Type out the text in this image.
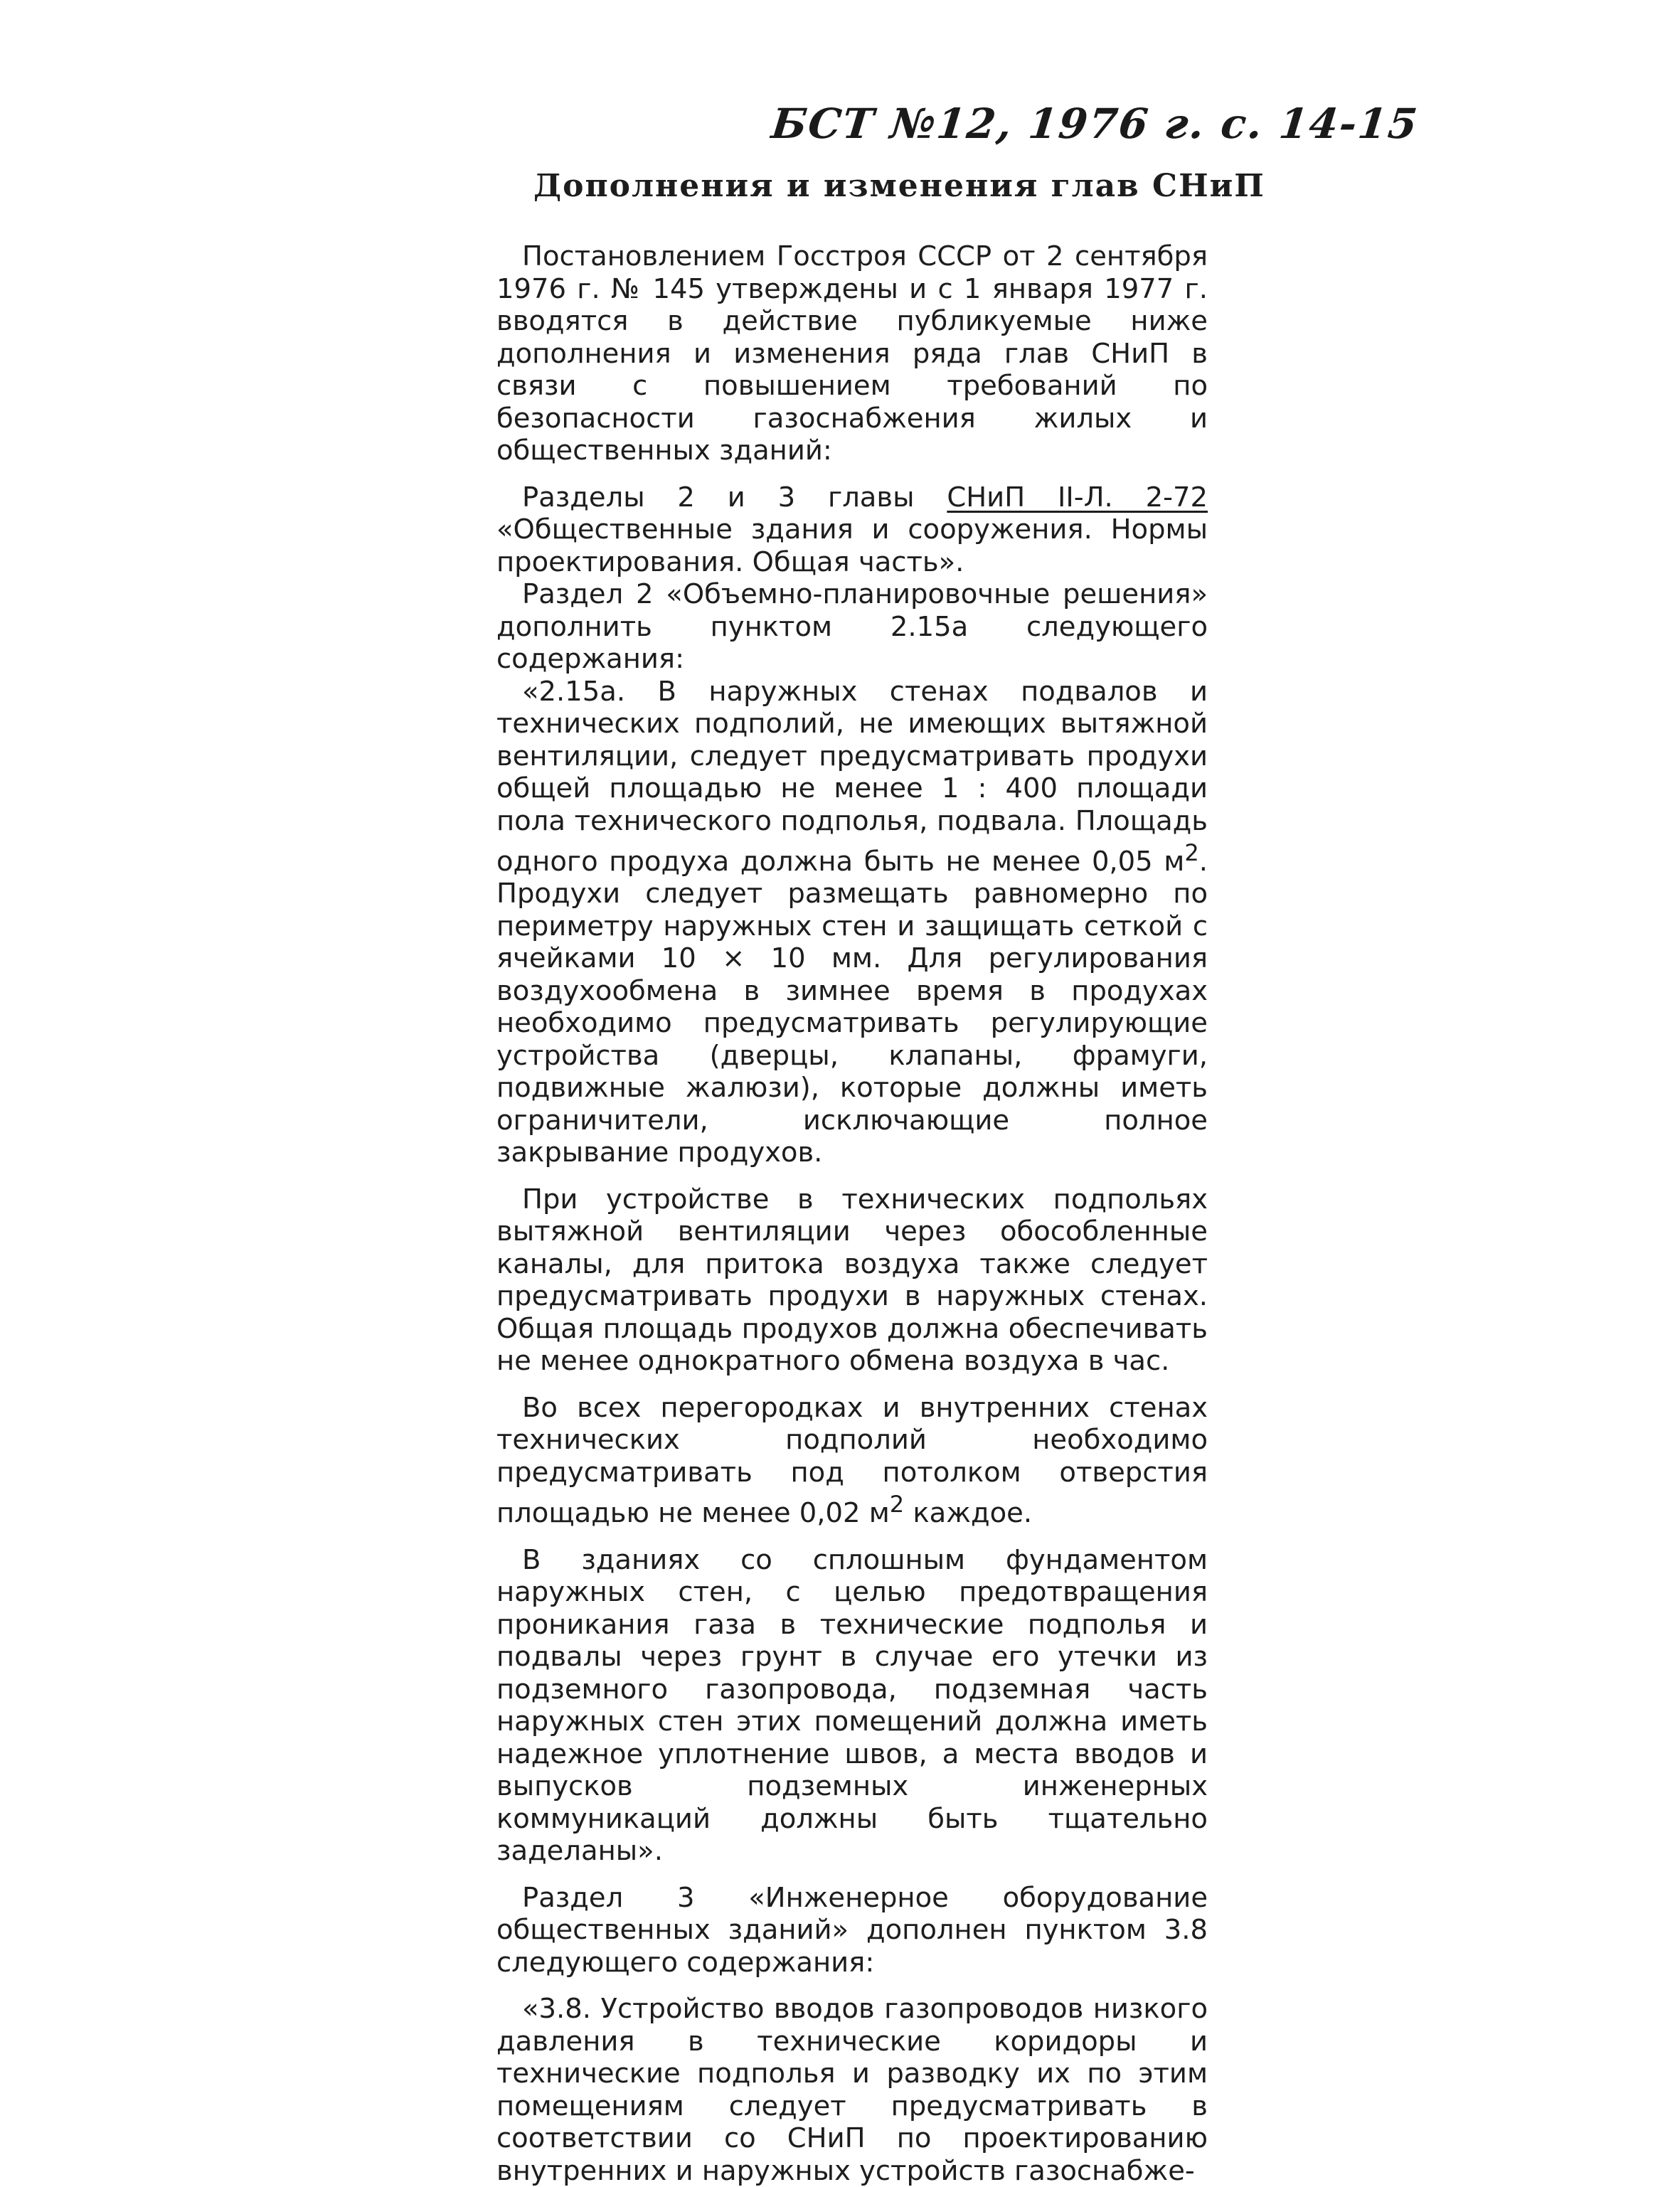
БСТ №12, 1976 г. с. 14-15
Дополнения и изменения глав СНиП

Постановлением Госстроя СССР от 2 сентября 1976 г. № 145 утверждены и с 1 января 1977 г. вводятся в действие публикуемые ниже дополнения и изменения ряда глав СНиП в связи с повышением требований по безопасности газоснабжения жилых и общественных зданий:

Разделы 2 и 3 главы СНиП II-Л. 2-72 «Общественные здания и сооружения. Нормы проектирования. Общая часть».

Раздел 2 «Объемно-планировочные решения» дополнить пунктом 2.15а следующего содержания:

«2.15а. В наружных стенах подвалов и технических подполий, не имеющих вытяжной вентиляции, следует предусматривать продухи общей площадью не менее 1 : 400 площади пола технического подполья, подвала. Площадь одного продуха должна быть не менее 0,05 $м^2$. Продухи следует размещать равномерно по периметру наружных стен и защищать сеткой с ячейками 10 × 10 мм. Для регулирования воздухообмена в зимнее время в продухах необходимо предусматривать регулирующие устройства (дверцы, клапаны, фрамуги, подвижные жалюзи), которые должны иметь ограничители, исключающие полное закрывание продухов.

При устройстве в технических подпольях вытяжной вентиляции через обособленные каналы, для притока воздуха также следует предусматривать продухи в наружных стенах. Общая площадь продухов должна обеспечивать не менее однократного обмена воздуха в час.

Во всех перегородках и внутренних стенах технических подполий необходимо предусматривать под потолком отверстия площадью не менее 0,02 $м^2$ каждое.

В зданиях со сплошным фундаментом наружных стен, с целью предотвращения проникания газа в технические подполья и подвалы через грунт в случае его утечки из подземного газопровода, подземная часть наружных стен этих помещений должна иметь надежное уплотнение швов, а места вводов и выпусков подземных инженерных коммуникаций должны быть тщательно заделаны».

Раздел 3 «Инженерное оборудование общественных зданий» дополнен пунктом 3.8 следующего содержания:

«3.8. Устройство вводов газопроводов низкого давления в технические коридоры и технические подполья и разводку их по этим помещениям следует предусматривать в соответствии со СНиП по проектированию внутренних и наружных устройств газоснабже-
